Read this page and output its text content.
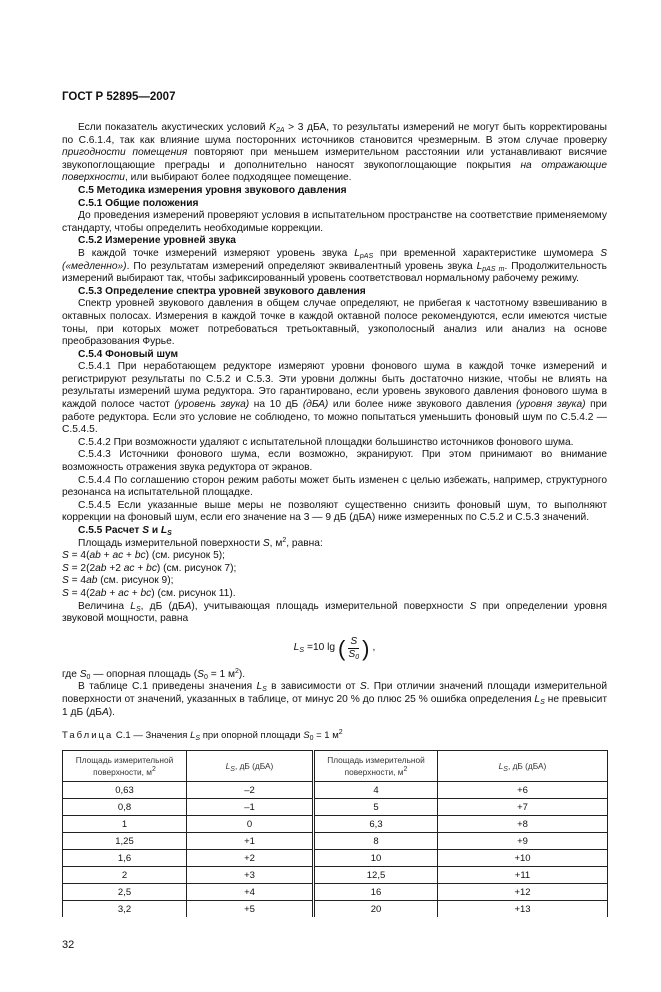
ГОСТ Р 52895—2007

Если показатель акустических условий $K_{2A} > 3$ дБА, то результаты измерений не могут быть корректированы по С.6.1.4, так как влияние шума посторонних источников становится чрезмерным. В этом случае проверку пригодности помещения повторяют при меньшем измерительном расстоянии или устанавливают висячие звукопоглощающие преграды и дополнительно наносят звукопоглощающие покрытия на отражающие поверхности, или выбирают более подходящее помещение.

С.5 Методика измерения уровня звукового давления

С.5.1 Общие положения

До проведения измерений проверяют условия в испытательном пространстве на соответствие применяемому стандарту, чтобы определить необходимые коррекции.

С.5.2 Измерение уровней звука

В каждой точке измерений измеряют уровень звука $L_{pAS}$ при временной характеристике шумомера S («медленно»). По результатам измерений определяют эквивалентный уровень звука $L_{pAS m}$. Продолжительность измерений выбирают так, чтобы зафиксированный уровень соответствовал нормальному рабочему режиму.

С.5.3 Определение спектра уровней звукового давления

Спектр уровней звукового давления в общем случае определяют, не прибегая к частотному взвешиванию в октавных полосах. Измерения в каждой точке в каждой октавной полосе рекомендуются, если имеются чистые тоны, при которых может потребоваться третьоктавный, узкополосный анализ или анализ на основе преобразования Фурье.

С.5.4 Фоновый шум

С.5.4.1 При неработающем редукторе измеряют уровни фонового шума в каждой точке измерений и регистрируют результаты по С.5.2 и С.5.3. Эти уровни должны быть достаточно низкие, чтобы не влиять на результаты измерений шума редуктора. Это гарантировано, если уровень звукового давления фонового шума в каждой полосе частот (уровень звука) на 10 дБ (дБА) или более ниже звукового давления (уровня звука) при работе редуктора. Если это условие не соблюдено, то можно попытаться уменьшить фоновый шум по С.5.4.2 — С.5.4.5.

С.5.4.2 При возможности удаляют с испытательной площадки большинство источников фонового шума.

С.5.4.3 Источники фонового шума, если возможно, экранируют. При этом принимают во внимание возможность отражения звука редуктора от экранов.

С.5.4.4 По соглашению сторон режим работы может быть изменен с целью избежать, например, структурного резонанса на испытательной площадке.

С.5.4.5 Если указанные выше меры не позволяют существенно снизить фоновый шум, то выполняют коррекции на фоновый шум, если его значение на 3 — 9 дБ (дБА) ниже измеренных по С.5.2 и С.5.3 значений.

С.5.5 Расчет S и $L_S$

Площадь измерительной поверхности S, $м^2$, равна:

S = 4(ab + ac + bc) (см. рисунок 5);

S = 2(2ab +2 ac + bc) (см. рисунок 7);

S = 4ab (см. рисунок 9);

S = 4(2ab + ac + bc) (см. рисунок 11).

Величина $L_S$, дБ (дБА), учитывающая площадь измерительной поверхности S при определении уровня звуковой мощности, равна

$L_S =10$ lg ( $\frac{S}{S0}$ ) ,

где S0 — опорная площадь (S0 = 1 $м^2$).

В таблице С.1 приведены значения $L_S$ в зависимости от S. При отличии значений площади измерительной поверхности от значений, указанных в таблице, от минус 20 % до плюс 25 % ошибка определения $L_S$ не превысит 1 дБ (дБА).

Таблица С.1 — Значения $L_S$ при опорной площади $S_0 = 1$ $м^2$
Площадь измерительной поверхности, $м^2$	$L_S$, дБ (дБА)	Площадь измерительной поверхности, $м^2$	$L_S$, дБ (дБА)
0,63	–2	4	+6
0,8	–1	5	+7
1	0	6,3	+8
1,25	+1	8	+9
1,6	+2	10	+10
2	+3	12,5	+11
2,5	+4	16	+12
3,2	+5	20	+13
32
